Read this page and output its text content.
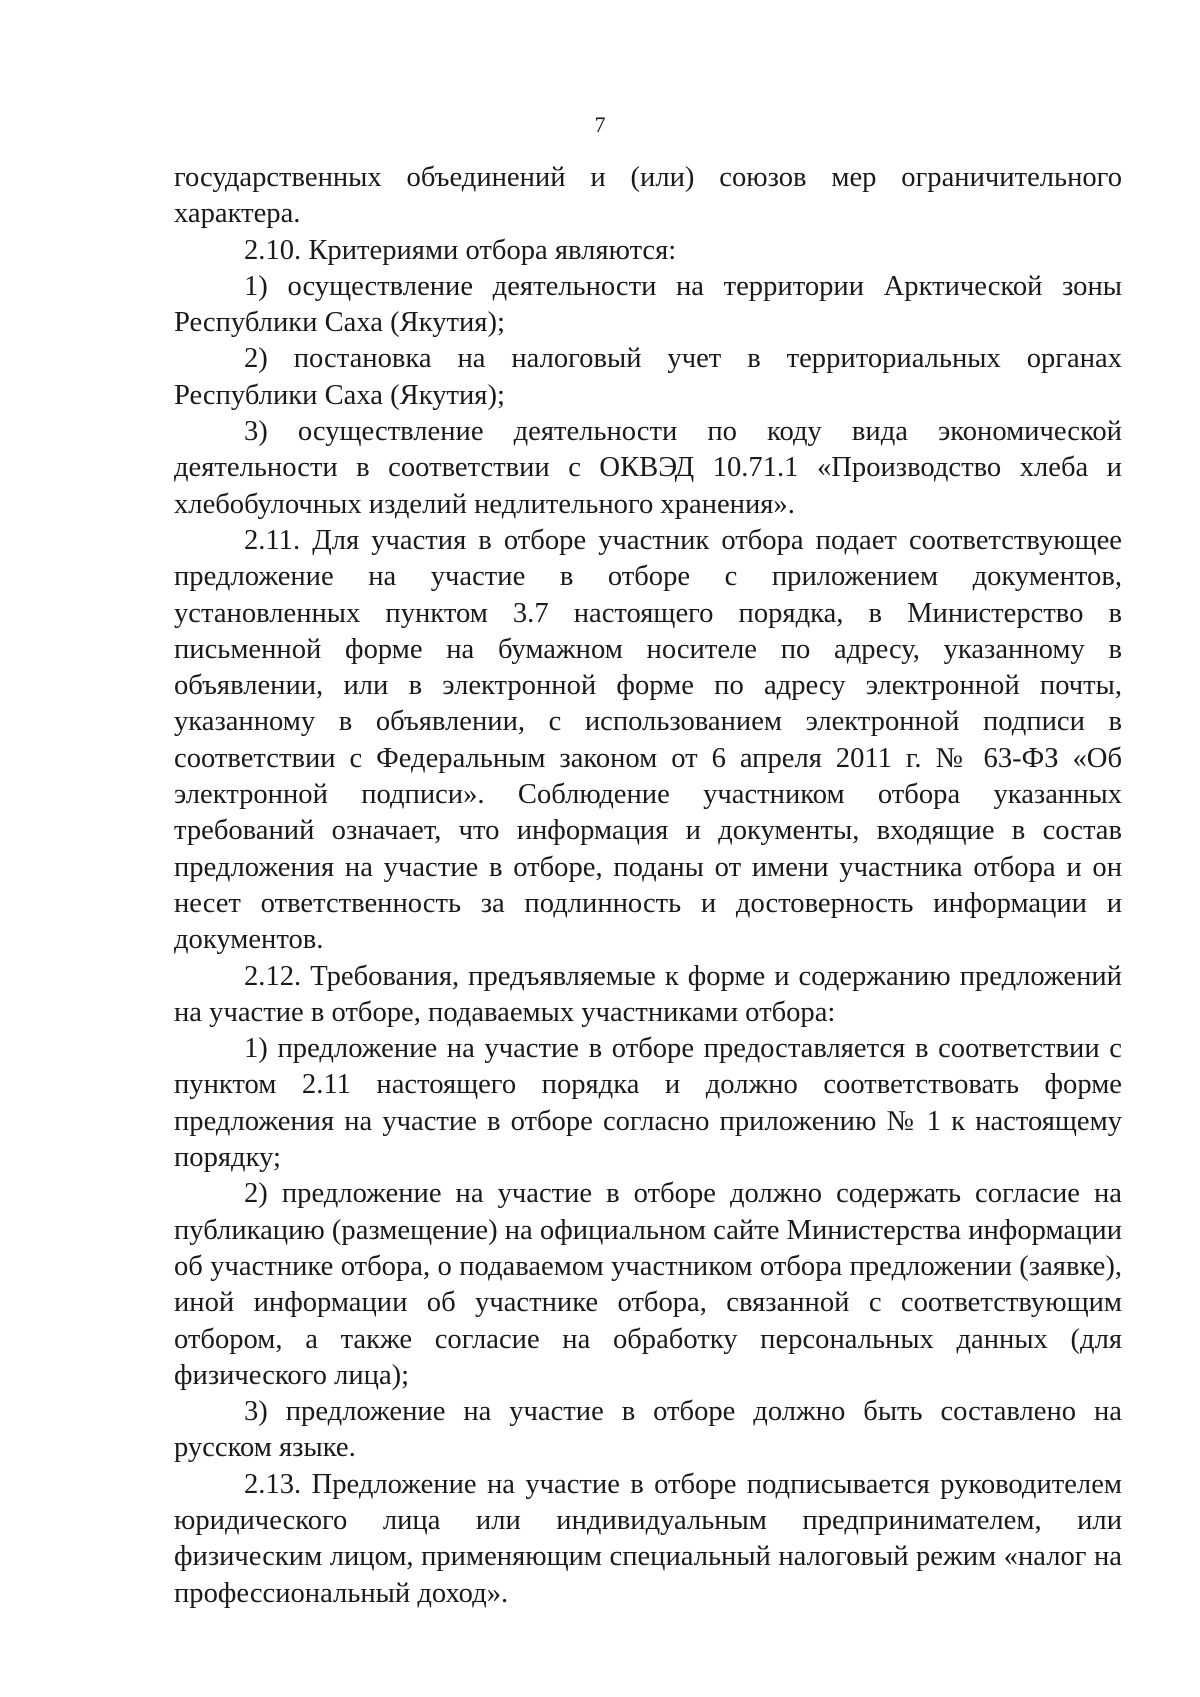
7

государственных объединений и (или) союзов мер ограничительного характера.

2.10. Критериями отбора являются:

1) осуществление деятельности на территории Арктической зоны Республики Саха (Якутия);

2) постановка на налоговый учет в территориальных органах Республики Саха (Якутия);

3) осуществление деятельности по коду вида экономической деятельности в соответствии с ОКВЭД 10.71.1 «Производство хлеба и хлебобулочных изделий недлительного хранения».

2.11. Для участия в отборе участник отбора подает соответствующее предложение на участие в отборе с приложением документов, установленных пунктом 3.7 настоящего порядка, в Министерство в письменной форме на бумажном носителе по адресу, указанному в объявлении, или в электронной форме по адресу электронной почты, указанному в объявлении, с использованием электронной подписи в соответствии с Федеральным законом от 6 апреля 2011 г. № 63-ФЗ «Об электронной подписи». Соблюдение участником отбора указанных требований означает, что информация и документы, входящие в состав предложения на участие в отборе, поданы от имени участника отбора и он несет ответственность за подлинность и достоверность информации и документов.

2.12. Требования, предъявляемые к форме и содержанию предложений на участие в отборе, подаваемых участниками отбора:

1) предложение на участие в отборе предоставляется в соответствии с пунктом 2.11 настоящего порядка и должно соответствовать форме предложения на участие в отборе согласно приложению № 1 к настоящему порядку;

2) предложение на участие в отборе должно содержать согласие на публикацию (размещение) на официальном сайте Министерства информации об участнике отбора, о подаваемом участником отбора предложении (заявке), иной информации об участнике отбора, связанной с соответствующим отбором, а также согласие на обработку персональных данных (для физического лица);

3) предложение на участие в отборе должно быть составлено на русском языке.

2.13. Предложение на участие в отборе подписывается руководителем юридического лица или индивидуальным предпринимателем, или физическим лицом, применяющим специальный налоговый режим «налог на профессиональный доход».
